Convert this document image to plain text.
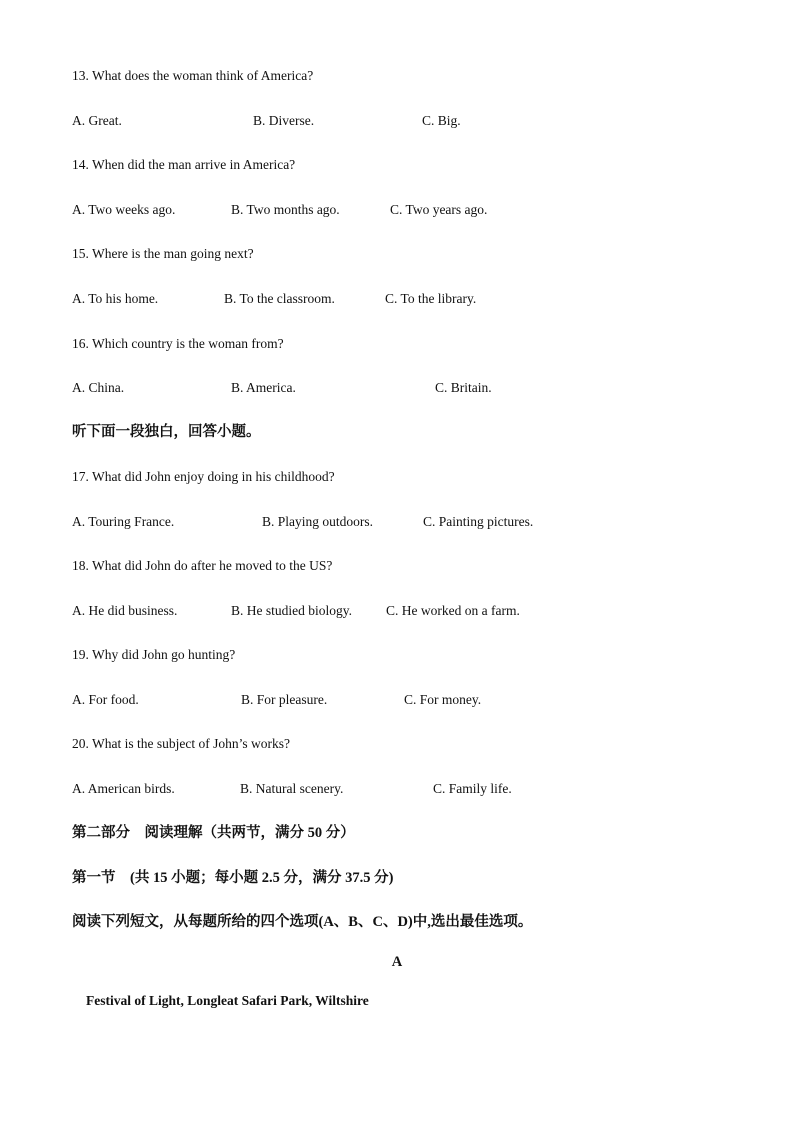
13. What does the woman think of America?
A. Great.	B. Diverse.	C. Big.
14. When did the man arrive in America?
A. Two weeks ago.	B. Two months ago.	C. Two years ago.
15. Where is the man going next?
A. To his home.	B. To the classroom.	C. To the library.
16. Which country is the woman from?
A. China.	B. America.	C. Britain.
听下面一段独白，回答小题。
17. What did John enjoy doing in his childhood?
A. Touring France.	B. Playing outdoors.	C. Painting pictures.
18. What did John do after he moved to the US?
A. He did business.	B. He studied biology.	C. He worked on a farm.
19. Why did John go hunting?
A. For food.	B. For pleasure.	C. For money.
20. What is the subject of John’s works?
A. American birds.	B. Natural scenery.	C. Family life.
第二部分　阅读理解（共两节，满分 50 分）
第一节　(共 15 小题；每小题 2.5 分，满分 37.5 分)
阅读下列短文，从每题所给的四个选项(A、B、C、D)中,选出最佳选项。
A
Festival of Light, Longleat Safari Park, Wiltshire
